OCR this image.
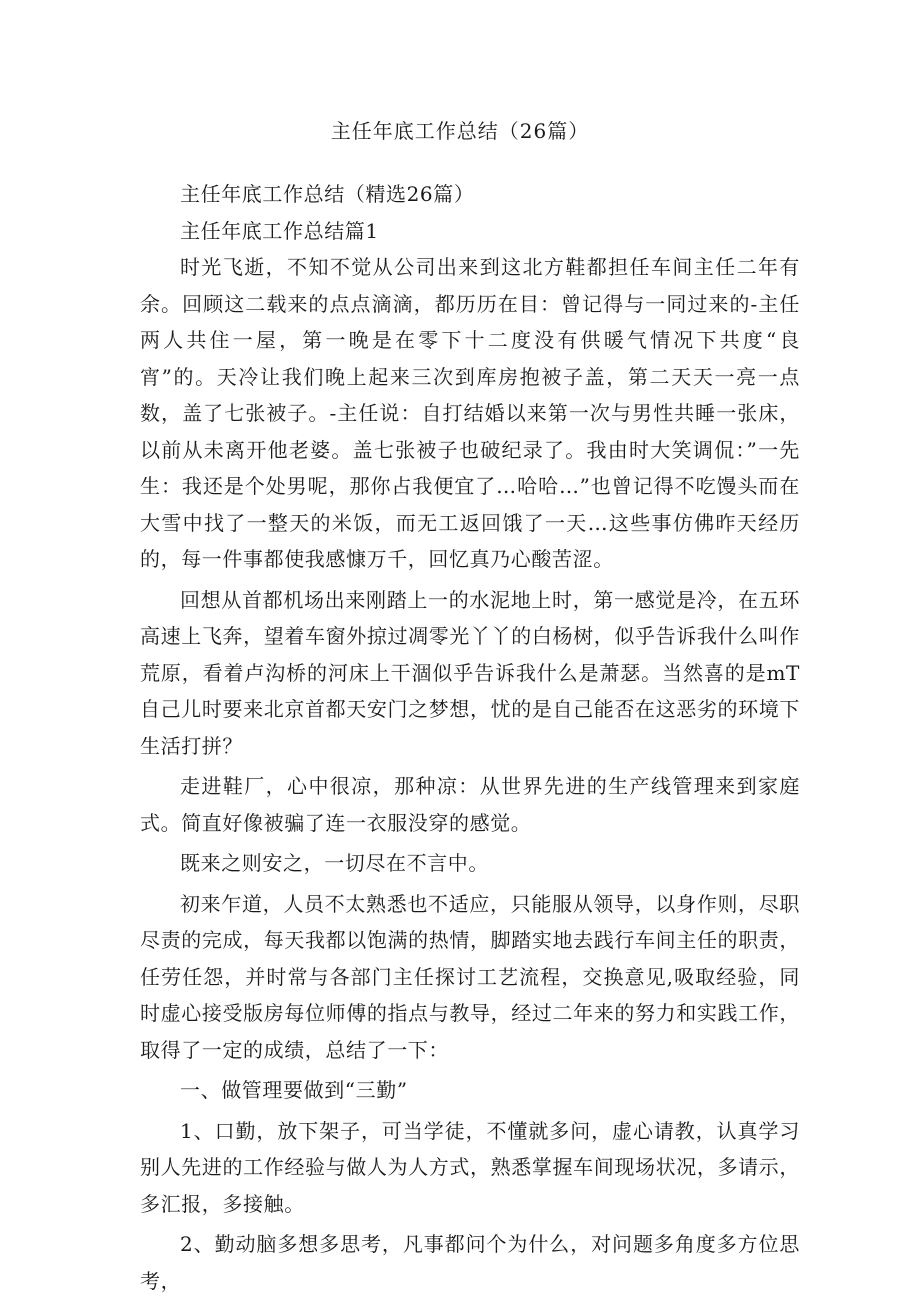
主任年底工作总结（26篇）

主任年底工作总结（精选26篇）

主任年底工作总结篇1

时光飞逝，不知不觉从公司出来到这北方鞋都担任车间主任二年有余。回顾这二载来的点点滴滴，都历历在目：曾记得与一同过来的-主任两人共住一屋，第一晚是在零下十二度没有供暖气情况下共度“良宵”的。天冷让我们晚上起来三次到库房抱被子盖，第二天天一亮一点数，盖了七张被子。-主任说：自打结婚以来第一次与男性共睡一张床，以前从未离开他老婆。盖七张被子也破纪录了。我由时大笑调侃：”一先生：我还是个处男呢，那你占我便宜了…哈哈…”也曾记得不吃馒头而在大雪中找了一整天的米饭，而无工返回饿了一天…这些事仿佛昨天经历的，每一件事都使我感慷万千，回忆真乃心酸苦涩。

回想从首都机场出来刚踏上一的水泥地上时，第一感觉是冷，在五环高速上飞奔，望着车窗外掠过凋零光丫丫的白杨树，似乎告诉我什么叫作荒原，看着卢沟桥的河床上干涸似乎告诉我什么是萧瑟。当然喜的是mT自己儿时要来北京首都天安门之梦想，忧的是自己能否在这恶劣的环境下生活打拼？

走进鞋厂，心中很凉，那种凉：从世界先进的生产线管理来到家庭式。简直好像被骗了连一衣服没穿的感觉。

既来之则安之，一切尽在不言中。

初来乍道，人员不太熟悉也不适应，只能服从领导，以身作则，尽职尽责的完成，每天我都以饱满的热情，脚踏实地去践行车间主任的职责，任劳任怨，并时常与各部门主任探讨工艺流程，交换意见,吸取经验，同时虚心接受版房每位师傅的指点与教导，经过二年来的努力和实践工作，取得了一定的成绩，总结了一下：

一、做管理要做到“三勤”

1、口勤，放下架子，可当学徒，不懂就多问，虚心请教，认真学习别人先进的工作经验与做人为人方式，熟悉掌握车间现场状况，多请示，多汇报，多接触。

2、勤动脑多想多思考，凡事都问个为什么，对问题多角度多方位思考，
